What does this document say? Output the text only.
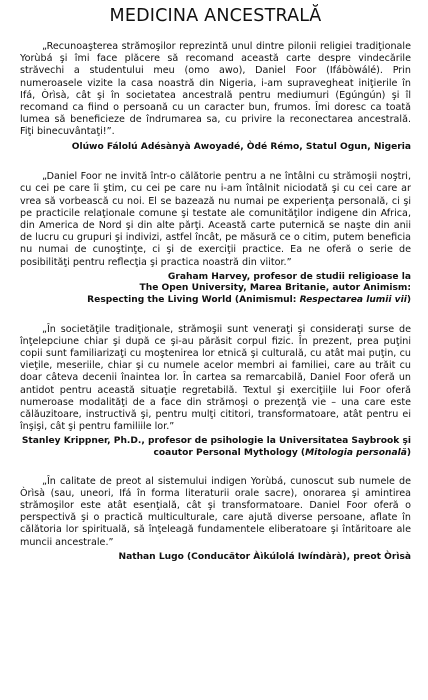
MEDICINA ANCESTRALĂ

„Recunoaşterea strămoşilor reprezintă unul dintre pilonii religiei tradiţionale Yorùbá şi îmi face plăcere să recomand această carte despre vindecările străvechi a studentului meu (omo awo), Daniel Foor (Ifábòwálé). Prin numeroasele vizite la casa noastră din Nigeria, i-am supravegheat iniţierile în Ifá, Òrìsà, cât şi în societatea ancestrală pentru mediumuri (Egúngún) şi îl recomand ca fiind o persoană cu un caracter bun, frumos. Îmi doresc ca toată lumea să beneficieze de îndrumarea sa, cu privire la reconectarea ancestrală. Fiţi binecuvântaţi!”.

Olúwo Fálolú Adésànyà Awoyadé, Òdé Rémo, Statul Ogun, Nigeria

„Daniel Foor ne invită într-o călătorie pentru a ne întâlni cu strămoşii noştri, cu cei pe care îi ştim, cu cei pe care nu i-am întâlnit niciodată şi cu cei care ar vrea să vorbească cu noi. El se bazează nu numai pe experienţa personală, ci şi pe practicile relaţionale comune şi testate ale comunităţilor indigene din Africa, din America de Nord şi din alte părţi. Această carte puternică se naşte din anii de lucru cu grupuri şi indivizi, astfel încât, pe măsură ce o citim, putem beneficia nu numai de cunoştinţe, ci şi de exerciţii practice. Ea ne oferă o serie de posibilităţi pentru reflecţia şi practica noastră din viitor.”

Graham Harvey, profesor de studii religioase la
The Open University, Marea Britanie, autor Animism:
Respecting the Living World (Animismul: Respectarea lumii vii)

„În societăţile tradiţionale, strămoşii sunt veneraţi şi consideraţi surse de înţelepciune chiar şi după ce şi-au părăsit corpul fizic. În prezent, prea puţini copii sunt familiarizaţi cu moştenirea lor etnică şi culturală, cu atât mai puţin, cu vieţile, meseriile, chiar şi cu numele acelor membri ai familiei, care au trăit cu doar câteva decenii înaintea lor. În cartea sa remarcabilă, Daniel Foor oferă un antidot pentru această situaţie regretabilă. Textul şi exerciţiile lui Foor oferă numeroase modalităţi de a face din strămoşi o prezenţă vie – una care este călăuzitoare, instructivă şi, pentru mulţi cititori, transformatoare, atât pentru ei înşişi, cât şi pentru familiile lor.”

Stanley Krippner, Ph.D., profesor de psihologie la Universitatea Saybrook şi
coautor Personal Mythology (Mitologia personală)

„În calitate de preot al sistemului indigen Yorùbá, cunoscut sub numele de Òrìsà (sau, uneori, Ifá în forma literaturii orale sacre), onorarea şi amintirea strămoşilor este atât esenţială, cât şi transformatoare. Daniel Foor oferă o perspectivă şi o practică multiculturale, care ajută diverse persoane, aflate în călătoria lor spirituală, să înţeleagă fundamentele eliberatoare şi întăritoare ale muncii ancestrale.”

Nathan Lugo (Conducător Àìkúlolá Iwíndàrà), preot Òrìsà
